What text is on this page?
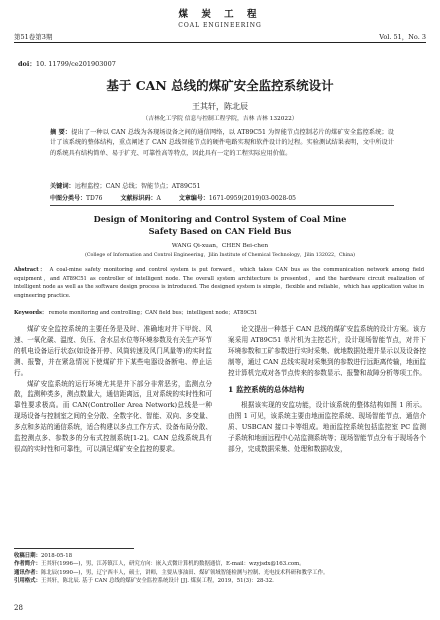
煤 炭 工 程
COAL ENGINEERING
第51卷第3期	Vol. 51，No. 3
doi：10. 11799/ce201903007
基于 CAN 总线的煤矿安全监控系统设计
王其轩，陈北辰
（吉林化工学院 信息与控制工程学院，吉林 吉林 132022）
摘 要：提出了一种以 CAN 总线为各现场设备之间的通信网络，以 AT89C51 为智能节点控制芯片的煤矿安全监控系统；设计了该系统的整体结构，重点阐述了 CAN 总线智能节点的硬件电路实现和软件设计的过程。实验测试结果表明，文中所设计的系统具有结构简单、易于扩充、可靠性高等特点，因此具有一定的工程实际应用价值。
关键词：远程监控；CAN 总线；智能节点；AT89C51
中图分类号：TD76	文献标识码：A	文章编号：1671-0959(2019)03-0028-05
Design of Monitoring and Control System of Coal Mine
Safety Based on CAN Field Bus
WANG Qi-xuan，CHEN Bei-chen
(College of Information and Control Engineering，Jilin Institute of Chemical Technology，Jilin 132022，China)
Abstract： A coal-mine safety monitoring and control system is put forward，which takes CAN bus as the communication network among field equipment，and AT89C51 as controller of intelligent node. The overall system architecture is presented，and the hardware circuit realization of intelligent node as well as the software design process is introduced. The designed system is simple，flexible and reliable，which has application value in engineering practice.
Keywords： remote monitoring and controlling；CAN field bus；intelligent node；AT89C51

煤矿安全监控系统的主要任务是及时、准确地对井下甲烷、风速、一氧化碳、温度、负压、含水层水位等环境参数及有关生产环节的机电设备运行状态(如设备开停、风筒转速及风门风量等)的实时监测、报警，并在紧急情况下使煤矿井下某些电器设备断电、停止运行。

煤矿安监系统的运行环境尤其是井下部分非常恶劣，监测点分散，监测种类多，测点数量大，通信距离远，且对系统的实时性和可靠性要求极高。而 CAN(Controller Area Network)总线是一种现场设备与控制室之间的全分散、全数字化、智能、双向、多变量、多点和多站的通信系统，适合构建以多点工作方式、设备布局分散、监控测点多、参数多的分布式控制系统[1-2]。CAN 总线系统具有很高的实时性和可靠性，可以满足煤矿安全监控的要求。

论文提出一种基于 CAN 总线的煤矿安监系统的设计方案。该方案采用 AT89C51 单片机为主控芯片，设计现场智能节点，对井下环境参数和工矿参数进行实时采集、就地数据处理并显示以及设备控制等，通过 CAN 总线实现对采集到的参数进行远距离传输，地面监控计算机完成对各节点传来的参数显示、报警和故障分析等项工作。

1 监控系统的总体结构

根据该实现的安监功能，设计该系统的整体结构如图 1 所示。由图 1 可见，该系统主要由地面监控系统、现场智能节点、通信介质、USBCAN 接口卡等组成。地面监控系统包括监控室 PC 监测子系统和地面远程中心站监测系统等；现场智能节点分布于现场各个部分，完成数据采集、处理和数据收发，

收稿日期： 2018-05-18
作者简介： 王其轩(1996—)，男，江苏镇江人，研究方向：嵌入式微计算机的数据通信，E-mail：wzyjsdx@163.com。
通讯作者： 陈北辰(1990—)，男，辽宁西丰人，硕士，讲师，主要从事油田、煤矿领域智能检测与控制、光电技术科研和教学工作。
引用格式： 王其轩，陈北辰. 基于 CAN 总线的煤矿安全监控系统设计 [J]. 煤炭工程，2019，51(3)：28-32.
28
